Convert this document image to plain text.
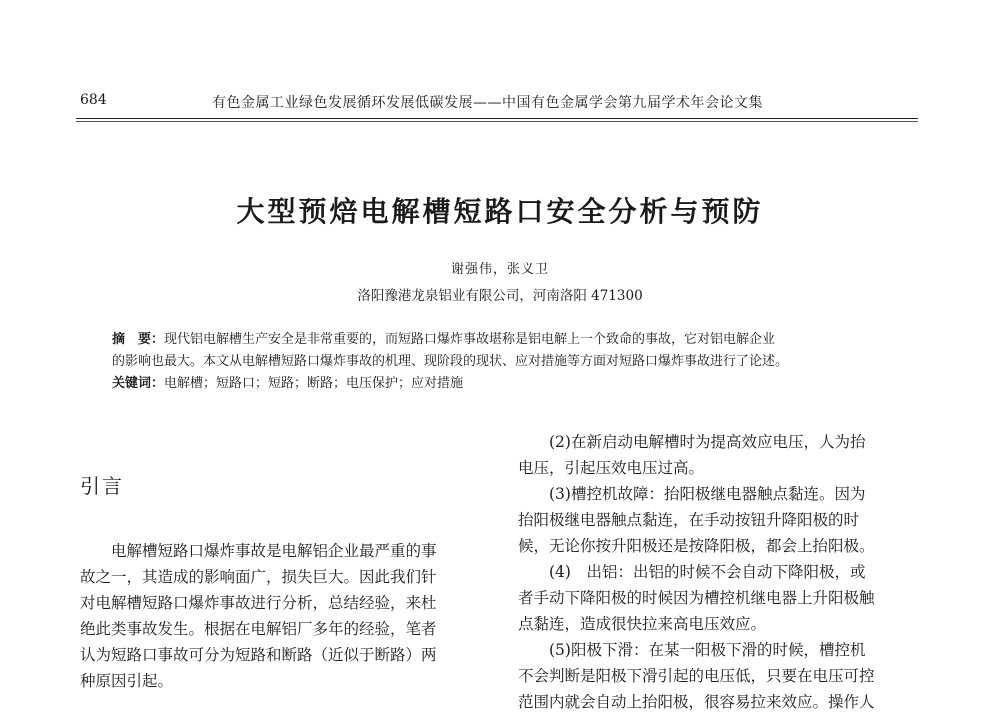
684	有色金属工业绿色发展循环发展低碳发展——中国有色金属学会第九届学术年会论文集
大型预焙电解槽短路口安全分析与预防
谢强伟，张义卫
洛阳豫港龙泉铝业有限公司，河南洛阳 471300
摘　要：现代铝电解槽生产安全是非常重要的，而短路口爆炸事故堪称是铝电解上一个致命的事故，它对铝电解企业
的影响也最大。本文从电解槽短路口爆炸事故的机理、现阶段的现状、应对措施等方面对短路口爆炸事故进行了论述。
关键词：电解槽；短路口；短路；断路；电压保护；应对措施
引言
电解槽短路口爆炸事故是电解铝企业最严重的事
故之一，其造成的影响面广，损失巨大。因此我们针
对电解槽短路口爆炸事故进行分析，总结经验，来杜
绝此类事故发生。根据在电解铝厂多年的经验，笔者
认为短路口事故可分为短路和断路（近似于断路）两
种原因引起。
(2)在新启动电解槽时为提高效应电压，人为抬
电压，引起压效电压过高。
(3)槽控机故障：抬阳极继电器触点黏连。因为
抬阳极继电器触点黏连，在手动按钮升降阳极的时
候，无论你按升阳极还是按降阳极，都会上抬阳极。
(4)　出铝：出铝的时候不会自动下降阳极，或
者手动下降阳极的时候因为槽控机继电器上升阳极触
点黏连，造成很快拉来高电压效应。
(5)阳极下滑：在某一阳极下滑的时候，槽控机
不会判断是阳极下滑引起的电压低，只要在电压可控
范围内就会自动上抬阳极，很容易拉来效应。操作人
